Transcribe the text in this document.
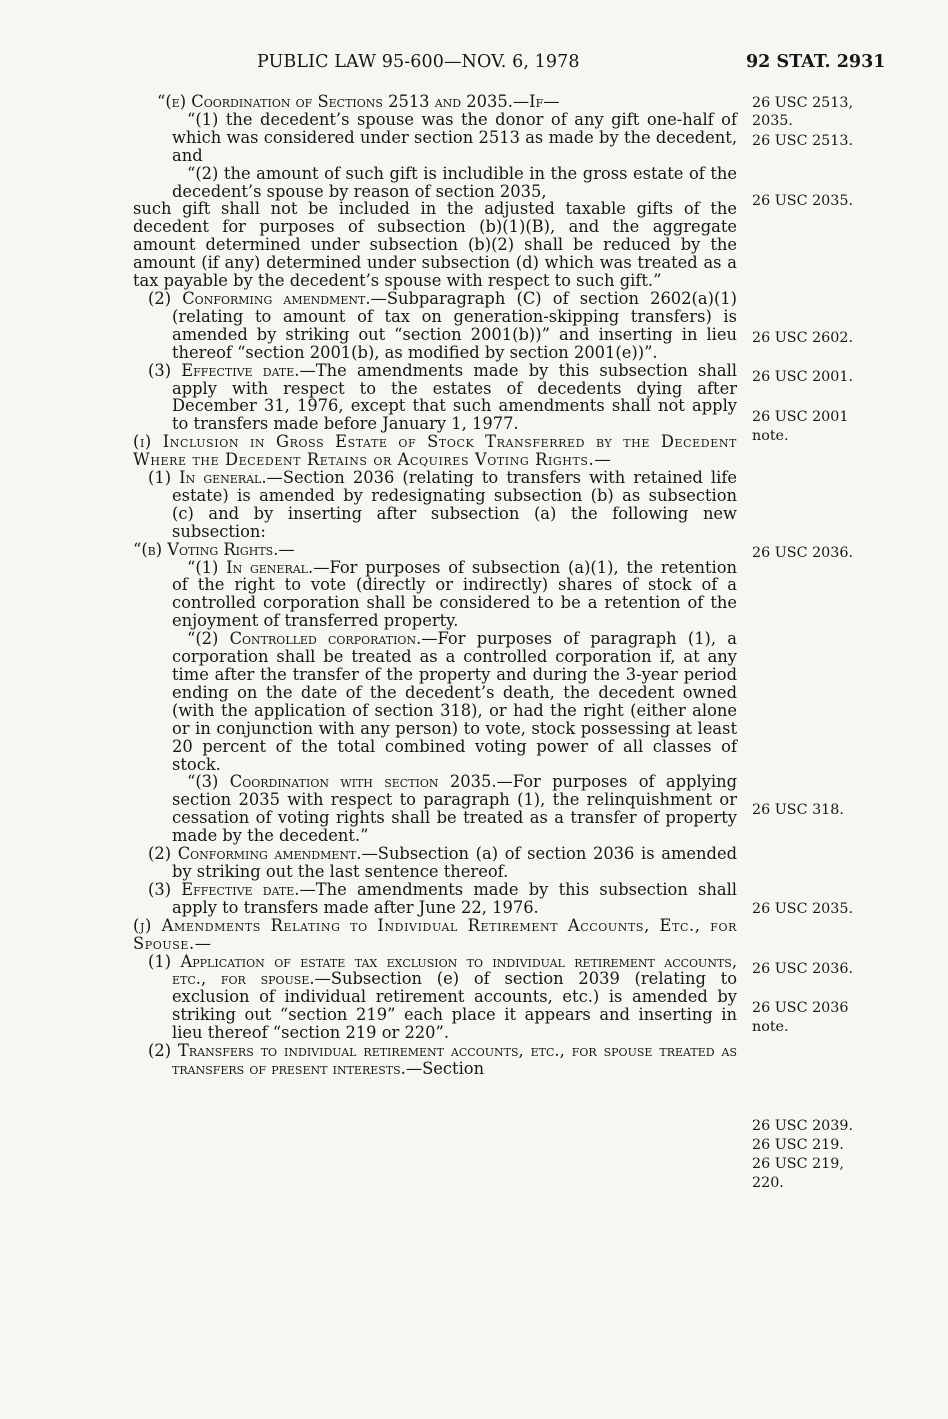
PUBLIC LAW 95-600—NOV. 6, 1978	92 STAT. 2931

“(e) Coordination of Sections 2513 and 2035.—If—

“(1) the decedent’s spouse was the donor of any gift one-half of which was considered under section 2513 as made by the decedent, and

“(2) the amount of such gift is includible in the gross estate of the decedent’s spouse by reason of section 2035,

such gift shall not be included in the adjusted taxable gifts of the decedent for purposes of subsection (b)(1)(B), and the aggregate amount determined under subsection (b)(2) shall be reduced by the amount (if any) determined under subsection (d) which was treated as a tax payable by the decedent’s spouse with respect to such gift.”

(2) Conforming amendment.—Subparagraph (C) of section 2602(a)(1) (relating to amount of tax on generation-skipping transfers) is amended by striking out “section 2001(b))” and inserting in lieu thereof “section 2001(b), as modified by section 2001(e))”.

(3) Effective date.—The amendments made by this subsection shall apply with respect to the estates of decedents dying after December 31, 1976, except that such amendments shall not apply to transfers made before January 1, 1977.

(i) Inclusion in Gross Estate of Stock Transferred by the Decedent Where the Decedent Retains or Acquires Voting Rights.—

(1) In general.—Section 2036 (relating to transfers with retained life estate) is amended by redesignating subsection (b) as subsection (c) and by inserting after subsection (a) the following new subsection:

“(b) Voting Rights.—

“(1) In general.—For purposes of subsection (a)(1), the retention of the right to vote (directly or indirectly) shares of stock of a controlled corporation shall be considered to be a retention of the enjoyment of transferred property.

“(2) Controlled corporation.—For purposes of paragraph (1), a corporation shall be treated as a controlled corporation if, at any time after the transfer of the property and during the 3-year period ending on the date of the decedent’s death, the decedent owned (with the application of section 318), or had the right (either alone or in conjunction with any person) to vote, stock possessing at least 20 percent of the total combined voting power of all classes of stock.

“(3) Coordination with section 2035.—For purposes of applying section 2035 with respect to paragraph (1), the relinquishment or cessation of voting rights shall be treated as a transfer of property made by the decedent.”

(2) Conforming amendment.—Subsection (a) of section 2036 is amended by striking out the last sentence thereof.

(3) Effective date.—The amendments made by this subsection shall apply to transfers made after June 22, 1976.

(j) Amendments Relating to Individual Retirement Accounts, Etc., for Spouse.—

(1) Application of estate tax exclusion to individual retirement accounts, etc., for spouse.—Subsection (e) of section 2039 (relating to exclusion of individual retirement accounts, etc.) is amended by striking out “section 219” each place it appears and inserting in lieu thereof “section 219 or 220”.

(2) Transfers to individual retirement accounts, etc., for spouse treated as transfers of present interests.—Section

26 USC 2513,
2035.
26 USC 2513.
26 USC 2035.
26 USC 2602.
26 USC 2001.
26 USC 2001
note.
26 USC 2036.
26 USC 318.
26 USC 2035.
26 USC 2036.
26 USC 2036
note.
26 USC 2039.
26 USC 219.
26 USC 219,
220.
